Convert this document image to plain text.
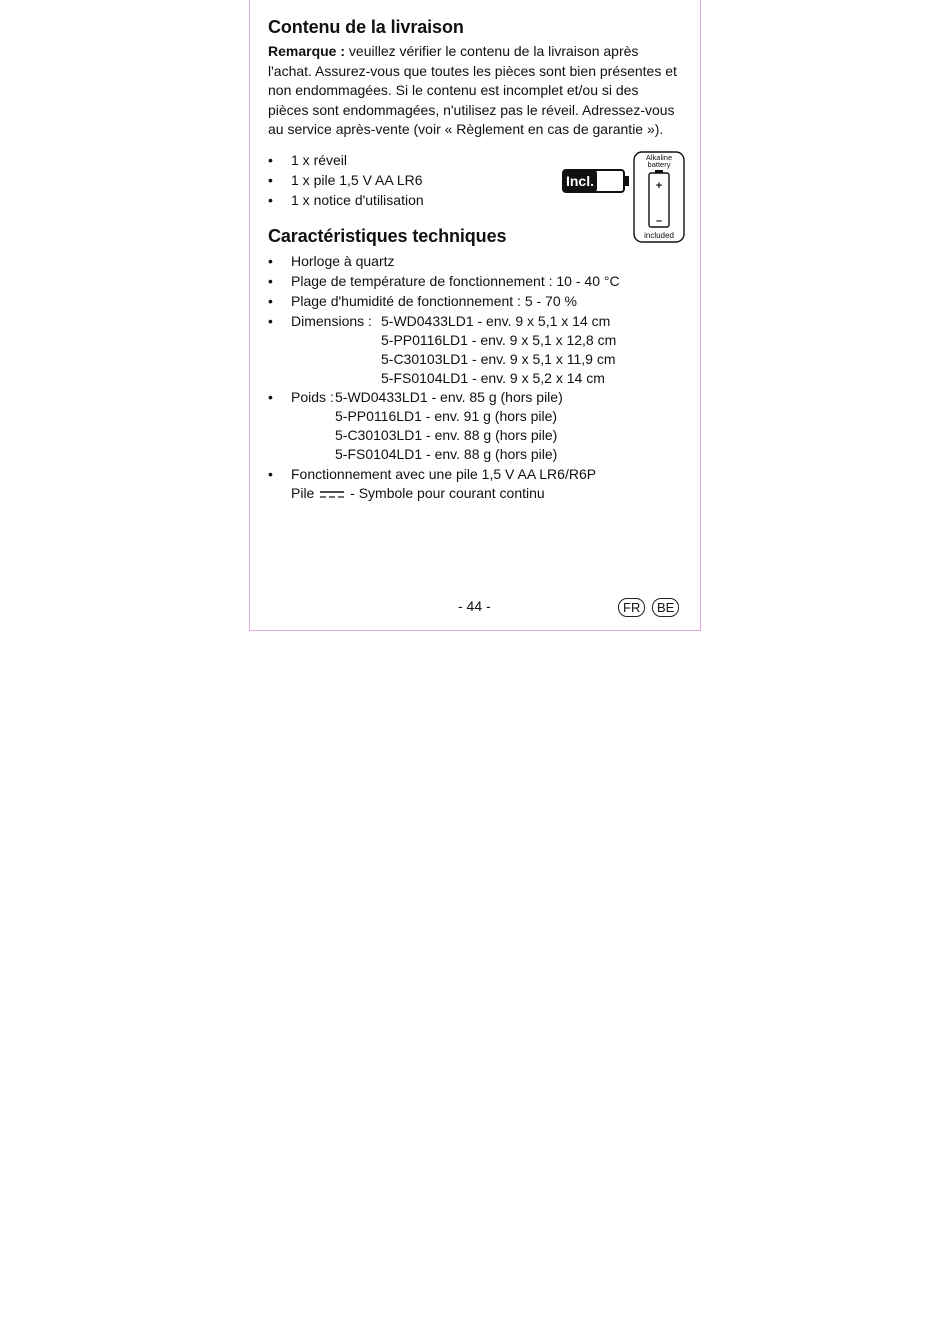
Contenu de la livraison
Remarque : veuillez vérifier le contenu de la livraison après
l'achat. Assurez-vous que toutes les pièces sont bien présentes et
non endommagées. Si le contenu est incomplet et/ou si des
pièces sont endommagées, n'utilisez pas le réveil. Adressez-vous
au service après-vente (voir « Règlement en cas de garantie »).
• 1 x réveil
• 1 x pile 1,5 V AA LR6
• 1 x notice d'utilisation
Incl.
Alkaline
battery
+
–
included
Caractéristiques techniques
• Horloge à quartz
• Plage de température de fonctionnement : 10 - 40 °C
• Plage d'humidité de fonctionnement : 5 - 70 %
• Dimensions : 5-WD0433LD1 - env. 9 x 5,1 x 14 cm
5-PP0116LD1 - env. 9 x 5,1 x 12,8 cm
5-C30103LD1 - env. 9 x 5,1 x 11,9 cm
5-FS0104LD1 - env. 9 x 5,2 x 14 cm
• Poids : 5-WD0433LD1 - env. 85 g (hors pile)
5-PP0116LD1 - env. 91 g (hors pile)
5-C30103LD1 - env. 88 g (hors pile)
5-FS0104LD1 - env. 88 g (hors pile)
• Fonctionnement avec une pile 1,5 V AA LR6/R6P
Pile	- Symbole pour courant continu
- 44 -	FR	BE
